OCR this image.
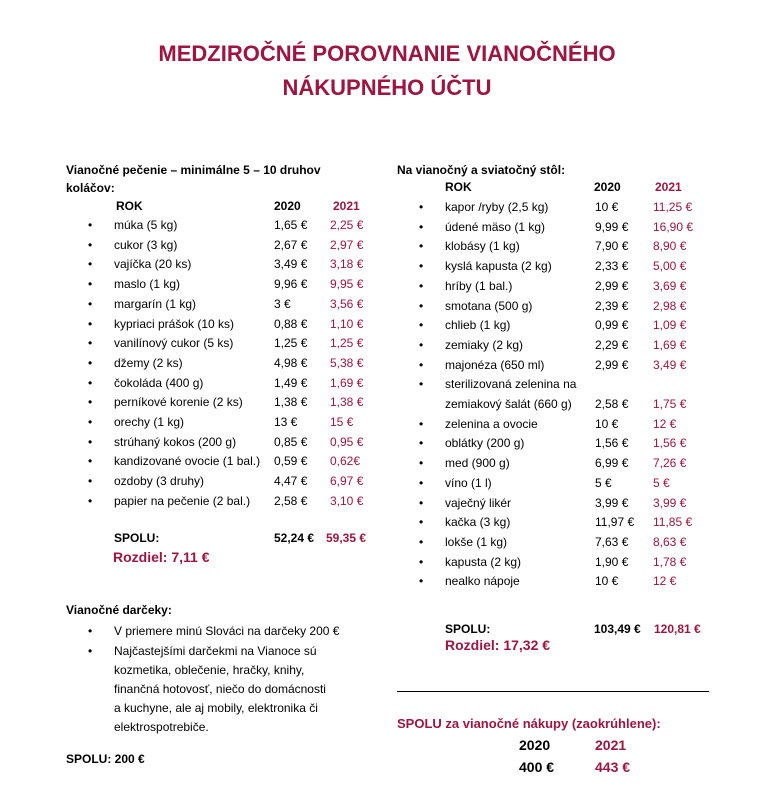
MEDZIROČNÉ POROVNANIE VIANOČNÉHO
NÁKUPNÉHO ÚČTU
Vianočné pečenie – minimálne 5 – 10 druhov
koláčov:
ROK	2020	2021
• múka (5 kg)	1,65 € 2,25 €
• cukor (3 kg)	2,67 € 2,97 €
• vajíčka (20 ks)	3,49 € 3,18 €
• maslo (1 kg)	9,96 € 9,95 €
• margarín (1 kg)	3 €	3,56 €
• kypriaci prášok (10 ks)	0,88 € 1,10 €
• vanilínový cukor (5 ks)	1,25 € 1,25 €
• džemy (2 ks)	4,98 € 5,38 €
• čokoláda (400 g)	1,49 € 1,69 €
• perníkové korenie (2 ks)	1,38 € 1,38 €
• orechy (1 kg)	13 €	15 €
• strúhaný kokos (200 g)	0,85 € 0,95 €
• kandizované ovocie (1 bal.) 0,59 € 0,62€
• ozdoby (3 druhy)	4,47 € 6,97 €
• papier na pečenie (2 bal.) 2,58 € 3,10 €
SPOLU:	52,24 € 59,35 €
Rozdiel: 7,11 €
Vianočné darčeky:
• V priemere minú Slováci na darčeky 200 €
• Najčastejšími darčekmi na Vianoce sú
kozmetika, oblečenie, hračky, knihy,
finančná hotovosť, niečo do domácnosti
a kuchyne, ale aj mobily, elektronika či
elektrospotrebiče.
SPOLU: 200 €
Na vianočný a sviatočný stôl:
ROK	2020	2021
• kapor /ryby (2,5 kg)	10 €	11,25 €
• údené mäso (1 kg)	9,99 € 16,90 €
• klobásy (1 kg)	7,90 € 8,90 €
• kyslá kapusta (2 kg)	2,33 € 5,00 €
• hríby (1 bal.)	2,99 € 3,69 €
• smotana (500 g)	2,39 € 2,98 €
• chlieb (1 kg)	0,99 € 1,09 €
• zemiaky (2 kg)	2,29 € 1,69 €
• majonéza (650 ml)	2,99 € 3,49 €
• sterilizovaná zelenina na
zemiakový šalát (660 g) 2,58 € 1,75 €
• zelenina a ovocie	10 €	12 €
• oblátky (200 g)	1,56 € 1,56 €
• med (900 g)	6,99 € 7,26 €
• víno (1 l)	5 €	5 €
• vaječný likér	3,99 € 3,99 €
• kačka (3 kg)	11,97 € 11,85 €
• lokše (1 kg)	7,63 € 8,63 €
• kapusta (2 kg)	1,90 € 1,78 €
• nealko nápoje	10 €	12 €
SPOLU:	103,49 € 120,81 €
Rozdiel: 17,32 €
SPOLU za vianočné nákupy (zaokrúhlene):
2020	2021
400 €	443 €
